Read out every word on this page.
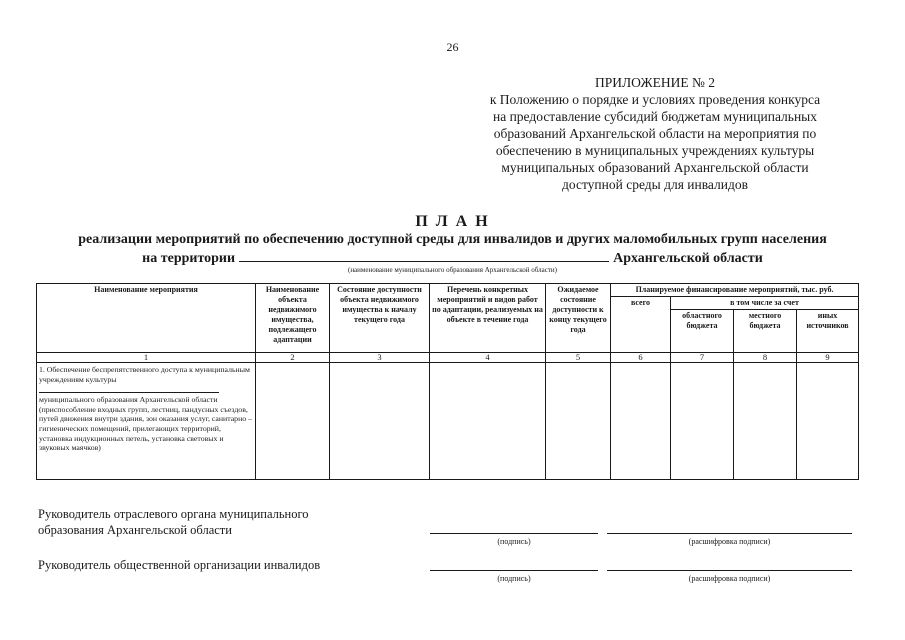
26
ПРИЛОЖЕНИЕ № 2
к Положению о порядке и условиях проведения конкурса
на предоставление субсидий бюджетам муниципальных
образований Архангельской области на мероприятия по
обеспечению в муниципальных учреждениях культуры
муниципальных образований Архангельской области
доступной среды для инвалидов
П Л А Н
реализации мероприятий по обеспечению доступной среды для инвалидов и других маломобильных групп населения
на территории	Архангельской области
(наименование муниципального образования Архангельской области)
Наименование мероприятия	Наименование объекта недвижимого имущества, подлежащего адаптации	Состояние доступности объекта недвижимого имущества к началу текущего года	Перечень конкретных мероприятий и видов работ по адаптации, реализуемых на объекте в течение года	Ожидаемое состояние доступности к концу текущего года	Планируемое финансирование мероприятий, тыс. руб.			
					всего	в том числе за счет		
						областного бюджета	местного бюджета	иных источников
1	2	3	4	5	6	7	8	9
1. Обеспечение беспрепятственного доступа к муниципальным учреждениям культуры
муниципального образования Архангельской области (приспособление входных групп, лестниц, пандусных съездов, путей движения внутри здания, зон оказания услуг, санитарно – гигиенических помещений, прилегающих территорий, установка индукционных петель, установка световых и звуковых маячков)								
Руководитель отраслевого органа муниципального
образования Архангельской области
(подпись)	(расшифровка подписи)
Руководитель общественной организации инвалидов
(подпись)	(расшифровка подписи)
